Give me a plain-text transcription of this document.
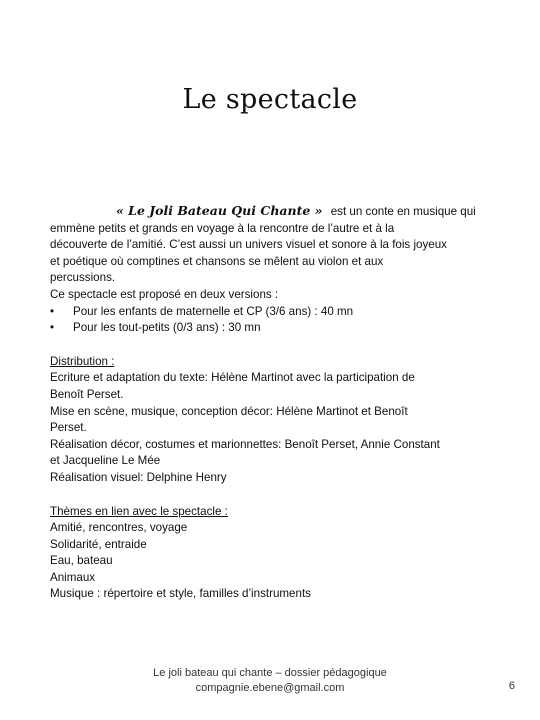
Le spectacle
« Le Joli Bateau Qui Chante » est un conte en musique qui
emmène petits et grands en voyage à la rencontre de l’autre et à la
découverte de l’amitié. C’est aussi un univers visuel et sonore à la fois joyeux
et poétique où comptines et chansons se mêlent au violon et aux
percussions.
Ce spectacle est proposé en deux versions :
• Pour les enfants de maternelle et CP (3/6 ans) : 40 mn
• Pour les tout-petits (0/3 ans) : 30 mn
Distribution :
Ecriture et adaptation du texte: Hélène Martinot avec la participation de
Benoît Perset.
Mise en scène, musique, conception décor: Hélène Martinot et Benoît
Perset.
Réalisation décor, costumes et marionnettes: Benoît Perset, Annie Constant
et Jacqueline Le Mée
Réalisation visuel: Delphine Henry
Thèmes en lien avec le spectacle :
Amitié, rencontres, voyage
Solidarité, entraide
Eau, bateau
Animaux
Musique : répertoire et style, familles d’instruments
Le joli bateau qui chante – dossier pédagogique
compagnie.ebene@gmail.com	6
